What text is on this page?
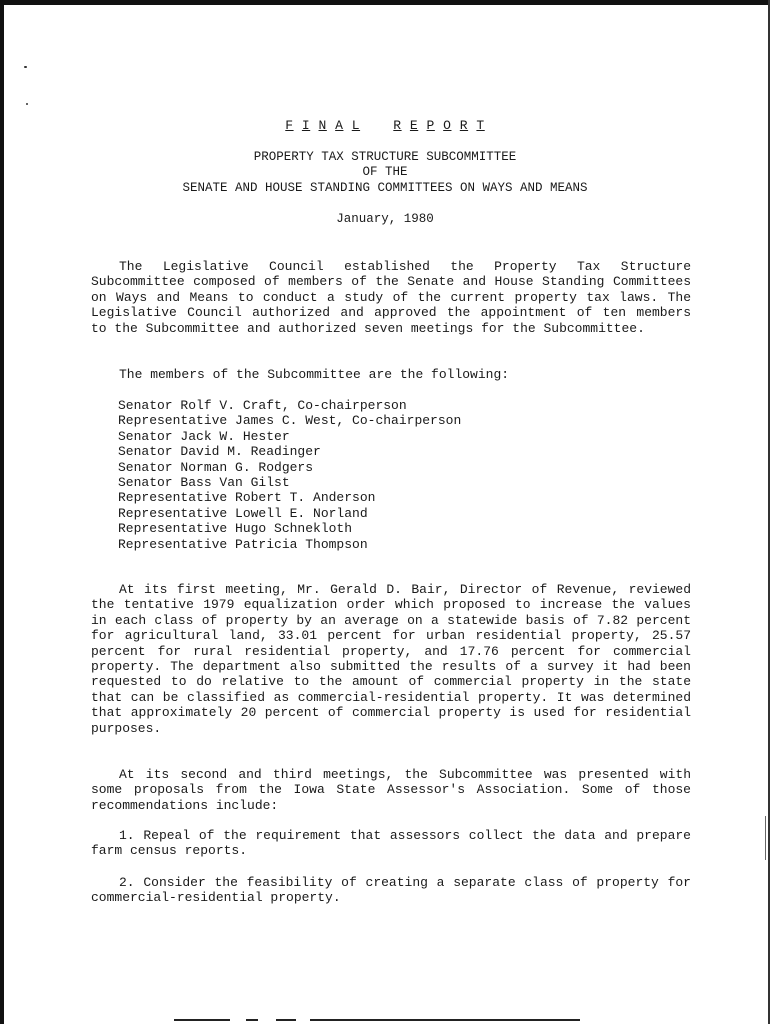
F I N A L	R E P O R T
PROPERTY TAX STRUCTURE SUBCOMMITTEE
OF THE
SENATE AND HOUSE STANDING COMMITTEES ON WAYS AND MEANS
January, 1980
The Legislative Council established the Property Tax Structure Subcommittee composed of members of the Senate and House Standing Committees on Ways and Means to conduct a study of the current property tax laws. The Legislative Council authorized and approved the appointment of ten members to the Subcommittee and authorized seven meetings for the Subcommittee.
The members of the Subcommittee are the following:
Senator Rolf V. Craft, Co-chairperson
Representative James C. West, Co-chairperson
Senator Jack W. Hester
Senator David M. Readinger
Senator Norman G. Rodgers
Senator Bass Van Gilst
Representative Robert T. Anderson
Representative Lowell E. Norland
Representative Hugo Schnekloth
Representative Patricia Thompson
At its first meeting, Mr. Gerald D. Bair, Director of Revenue, reviewed the tentative 1979 equalization order which proposed to increase the values in each class of property by an average on a statewide basis of 7.82 percent for agricultural land, 33.01 percent for urban residential property, 25.57 percent for rural residential property, and 17.76 percent for commercial property. The department also submitted the results of a survey it had been requested to do relative to the amount of commercial property in the state that can be classified as commercial-residential property. It was determined that approximately 20 percent of commercial property is used for residential purposes.
At its second and third meetings, the Subcommittee was presented with some proposals from the Iowa State Assessor's Association. Some of those recommendations include:
1. Repeal of the requirement that assessors collect the data and prepare farm census reports.
2. Consider the feasibility of creating a separate class of property for commercial-residential property.
